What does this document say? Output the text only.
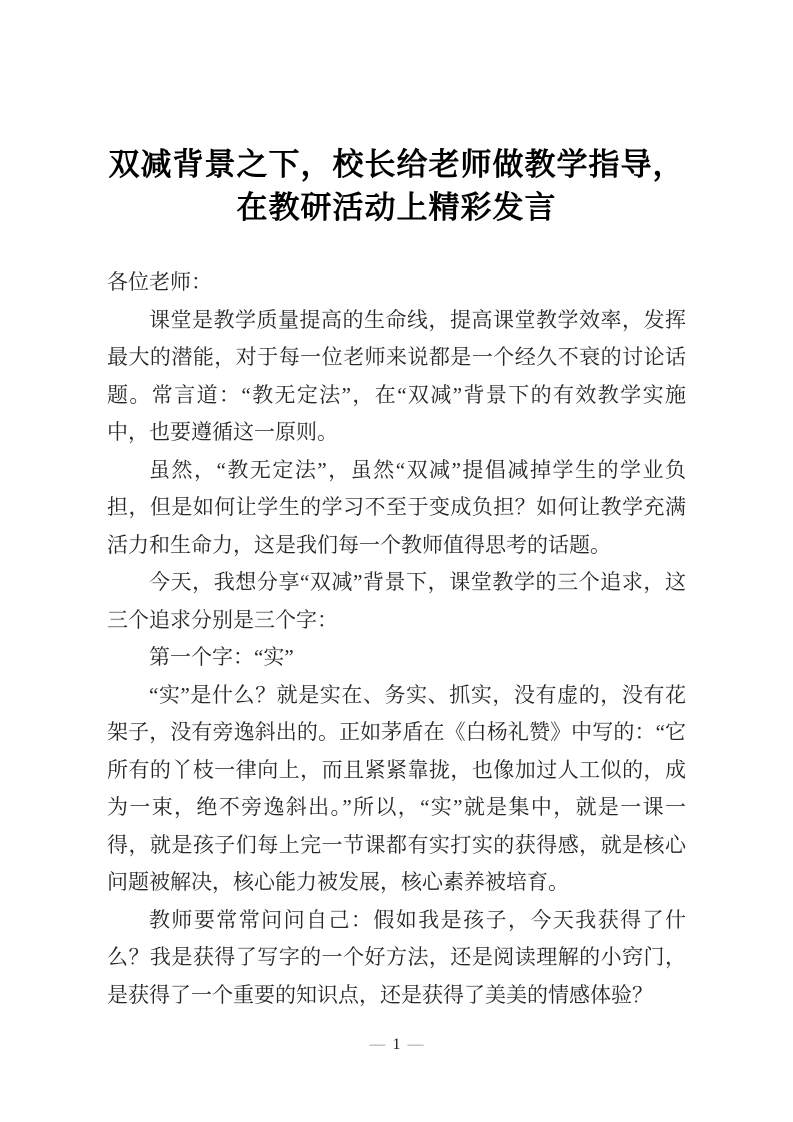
双减背景之下，校长给老师做教学指导，
在教研活动上精彩发言

各位老师：

课堂是教学质量提高的生命线，提高课堂教学效率，发挥最大的潜能，对于每一位老师来说都是一个经久不衰的讨论话题。常言道：“教无定法”，在“双减”背景下的有效教学实施中，也要遵循这一原则。

虽然，“教无定法”，虽然“双减”提倡减掉学生的学业负担，但是如何让学生的学习不至于变成负担？如何让教学充满活力和生命力，这是我们每一个教师值得思考的话题。

今天，我想分享“双减”背景下，课堂教学的三个追求，这三个追求分别是三个字：

第一个字：“实”

“实”是什么？就是实在、务实、抓实，没有虚的，没有花架子，没有旁逸斜出的。正如茅盾在《白杨礼赞》中写的：“它所有的丫枝一律向上，而且紧紧靠拢，也像加过人工似的，成为一束，绝不旁逸斜出。”所以，“实”就是集中，就是一课一得，就是孩子们每上完一节课都有实打实的获得感，就是核心问题被解决，核心能力被发展，核心素养被培育。

教师要常常问问自己：假如我是孩子，今天我获得了什么？我是获得了写字的一个好方法，还是阅读理解的小窍门，是获得了一个重要的知识点，还是获得了美美的情感体验？

— 1 —
